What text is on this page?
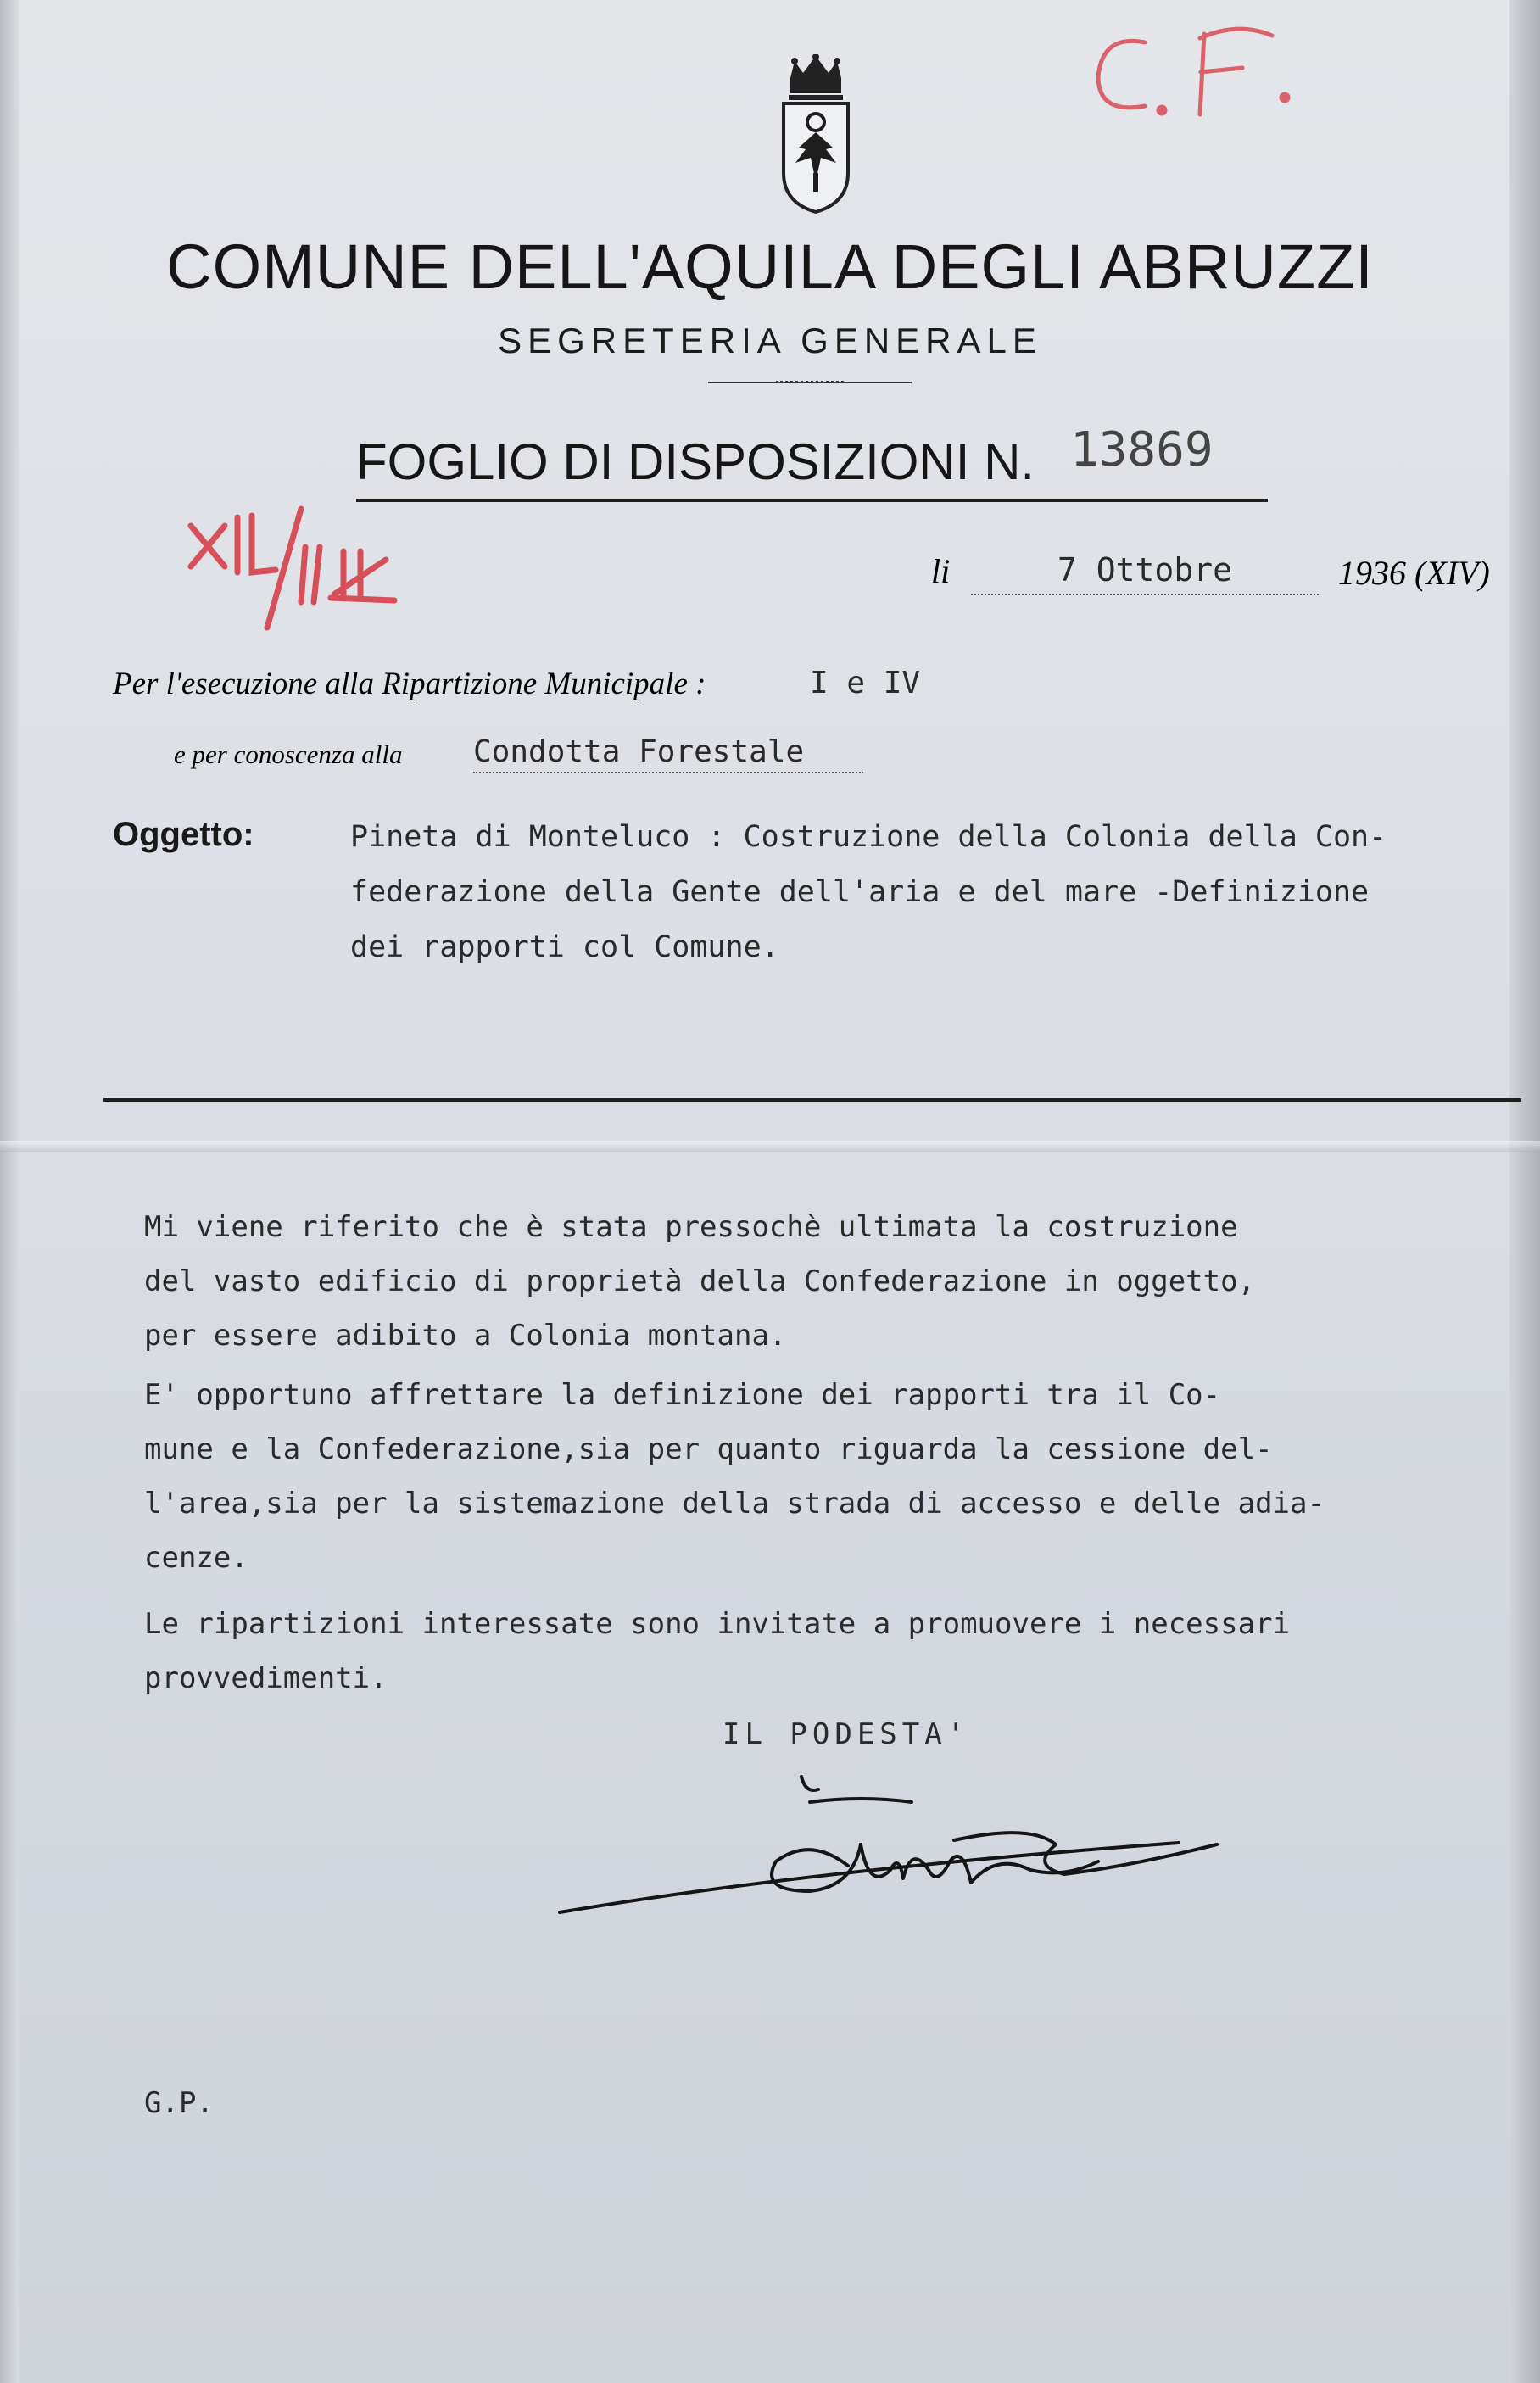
COMUNE DELL'AQUILA DEGLI ABRUZZI
SEGRETERIA GENERALE
FOGLIO DI DISPOSIZIONI N. 13869
li	7 Ottobre	1936 (XIV)
Per l'esecuzione alla Ripartizione Municipale :	I e IV
e per conoscenza alla Condotta Forestale
Oggetto:	Pineta di Monteluco : Costruzione della Colonia della Con-
federazione della Gente dell'aria e del mare -Definizione
dei rapporti col Comune.
Mi viene riferito che è stata pressochè ultimata la costruzione
del vasto edificio di proprietà della Confederazione in oggetto,
per essere adibito a Colonia montana.
E' opportuno affrettare la definizione dei rapporti tra il Co-
mune e la Confederazione,sia per quanto riguarda la cessione del-
l'area,sia per la sistemazione della strada di accesso e delle adia-
cenze.
Le ripartizioni interessate sono invitate a promuovere i necessari
provvedimenti.
IL PODESTA'
G.P.
